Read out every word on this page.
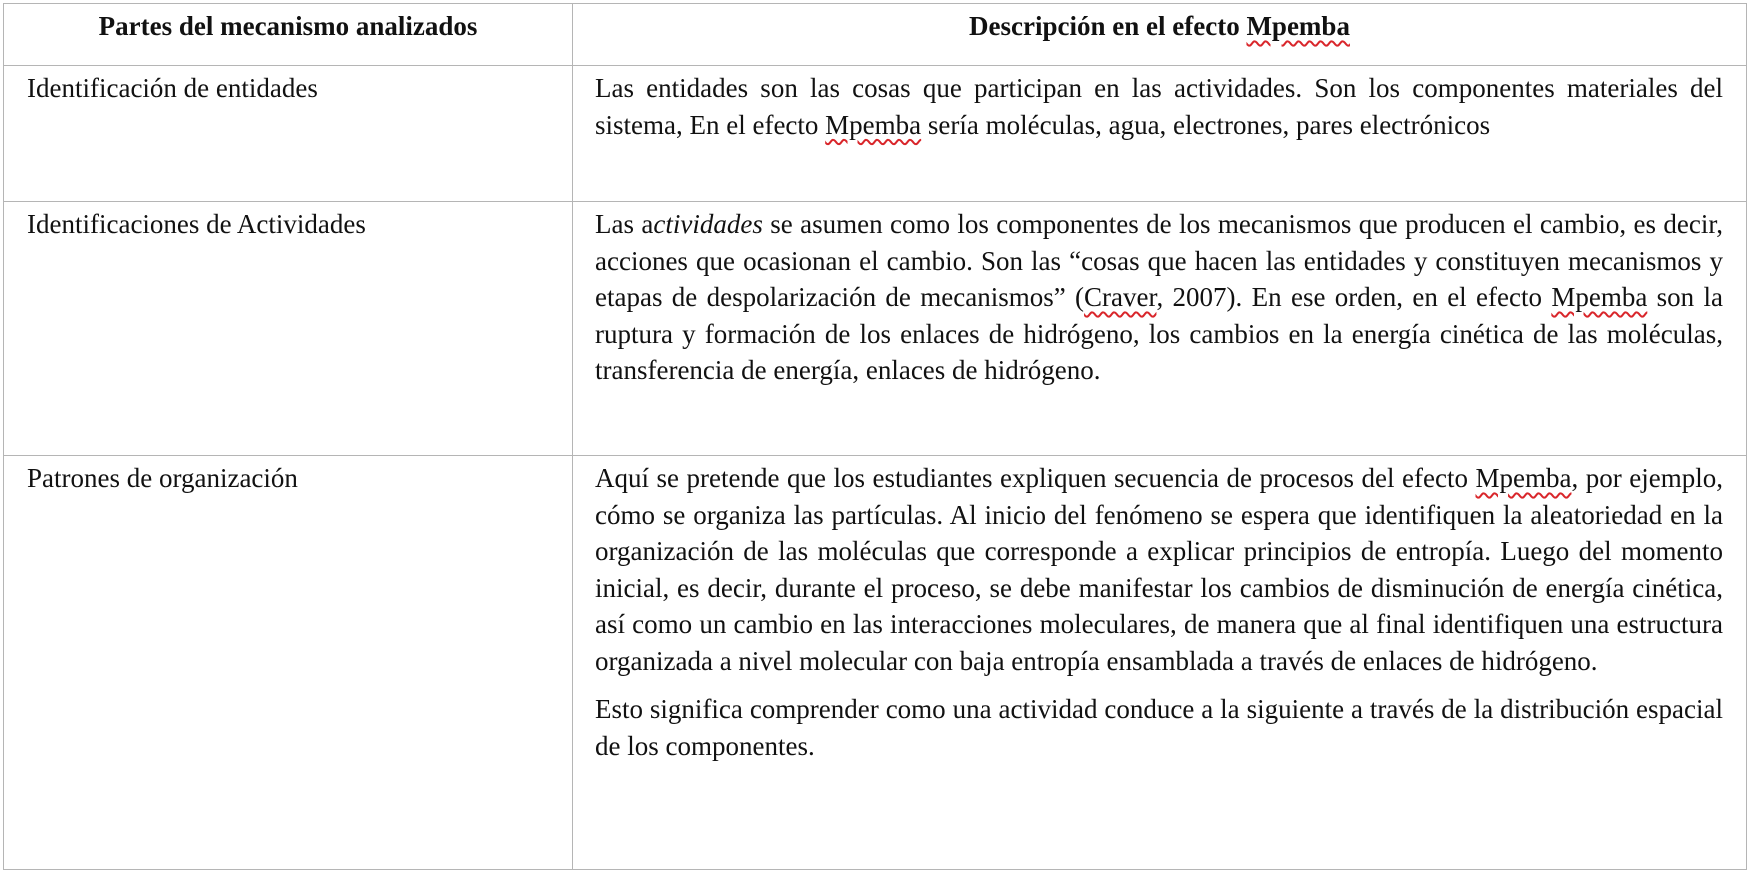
Partes del mecanismo analizados	Descripción en el efecto Mpemba
Identificación de entidades	Las entidades son las cosas que participan en las actividades. Son los componentes materiales del sistema, En el efecto Mpemba sería moléculas, agua, electrones, pares electrónicos

Identificaciones de Actividades	Las actividades se asumen como los componentes de los mecanismos que producen el cambio, es decir, acciones que ocasionan el cambio. Son las “cosas que hacen las entidades y constituyen mecanismos y etapas de despolarización de mecanismos” (Craver, 2007). En ese orden, en el efecto Mpemba son la ruptura y formación de los enlaces de hidrógeno, los cambios en la energía cinética de las moléculas, transferencia de energía, enlaces de hidrógeno.

Patrones de organización	Aquí se pretende que los estudiantes expliquen secuencia de procesos del efecto Mpemba, por ejemplo, cómo se organiza las partículas. Al inicio del fenómeno se espera que identifiquen la aleatoriedad en la organización de las moléculas que corresponde a explicar principios de entropía. Luego del momento inicial, es decir, durante el proceso, se debe manifestar los cambios de disminución de energía cinética, así como un cambio en las interacciones moleculares, de manera que al final identifiquen una estructura organizada a nivel molecular con baja entropía ensamblada a través de enlaces de hidrógeno.

Esto significa comprender como una actividad conduce a la siguiente a través de la distribución espacial de los componentes.
